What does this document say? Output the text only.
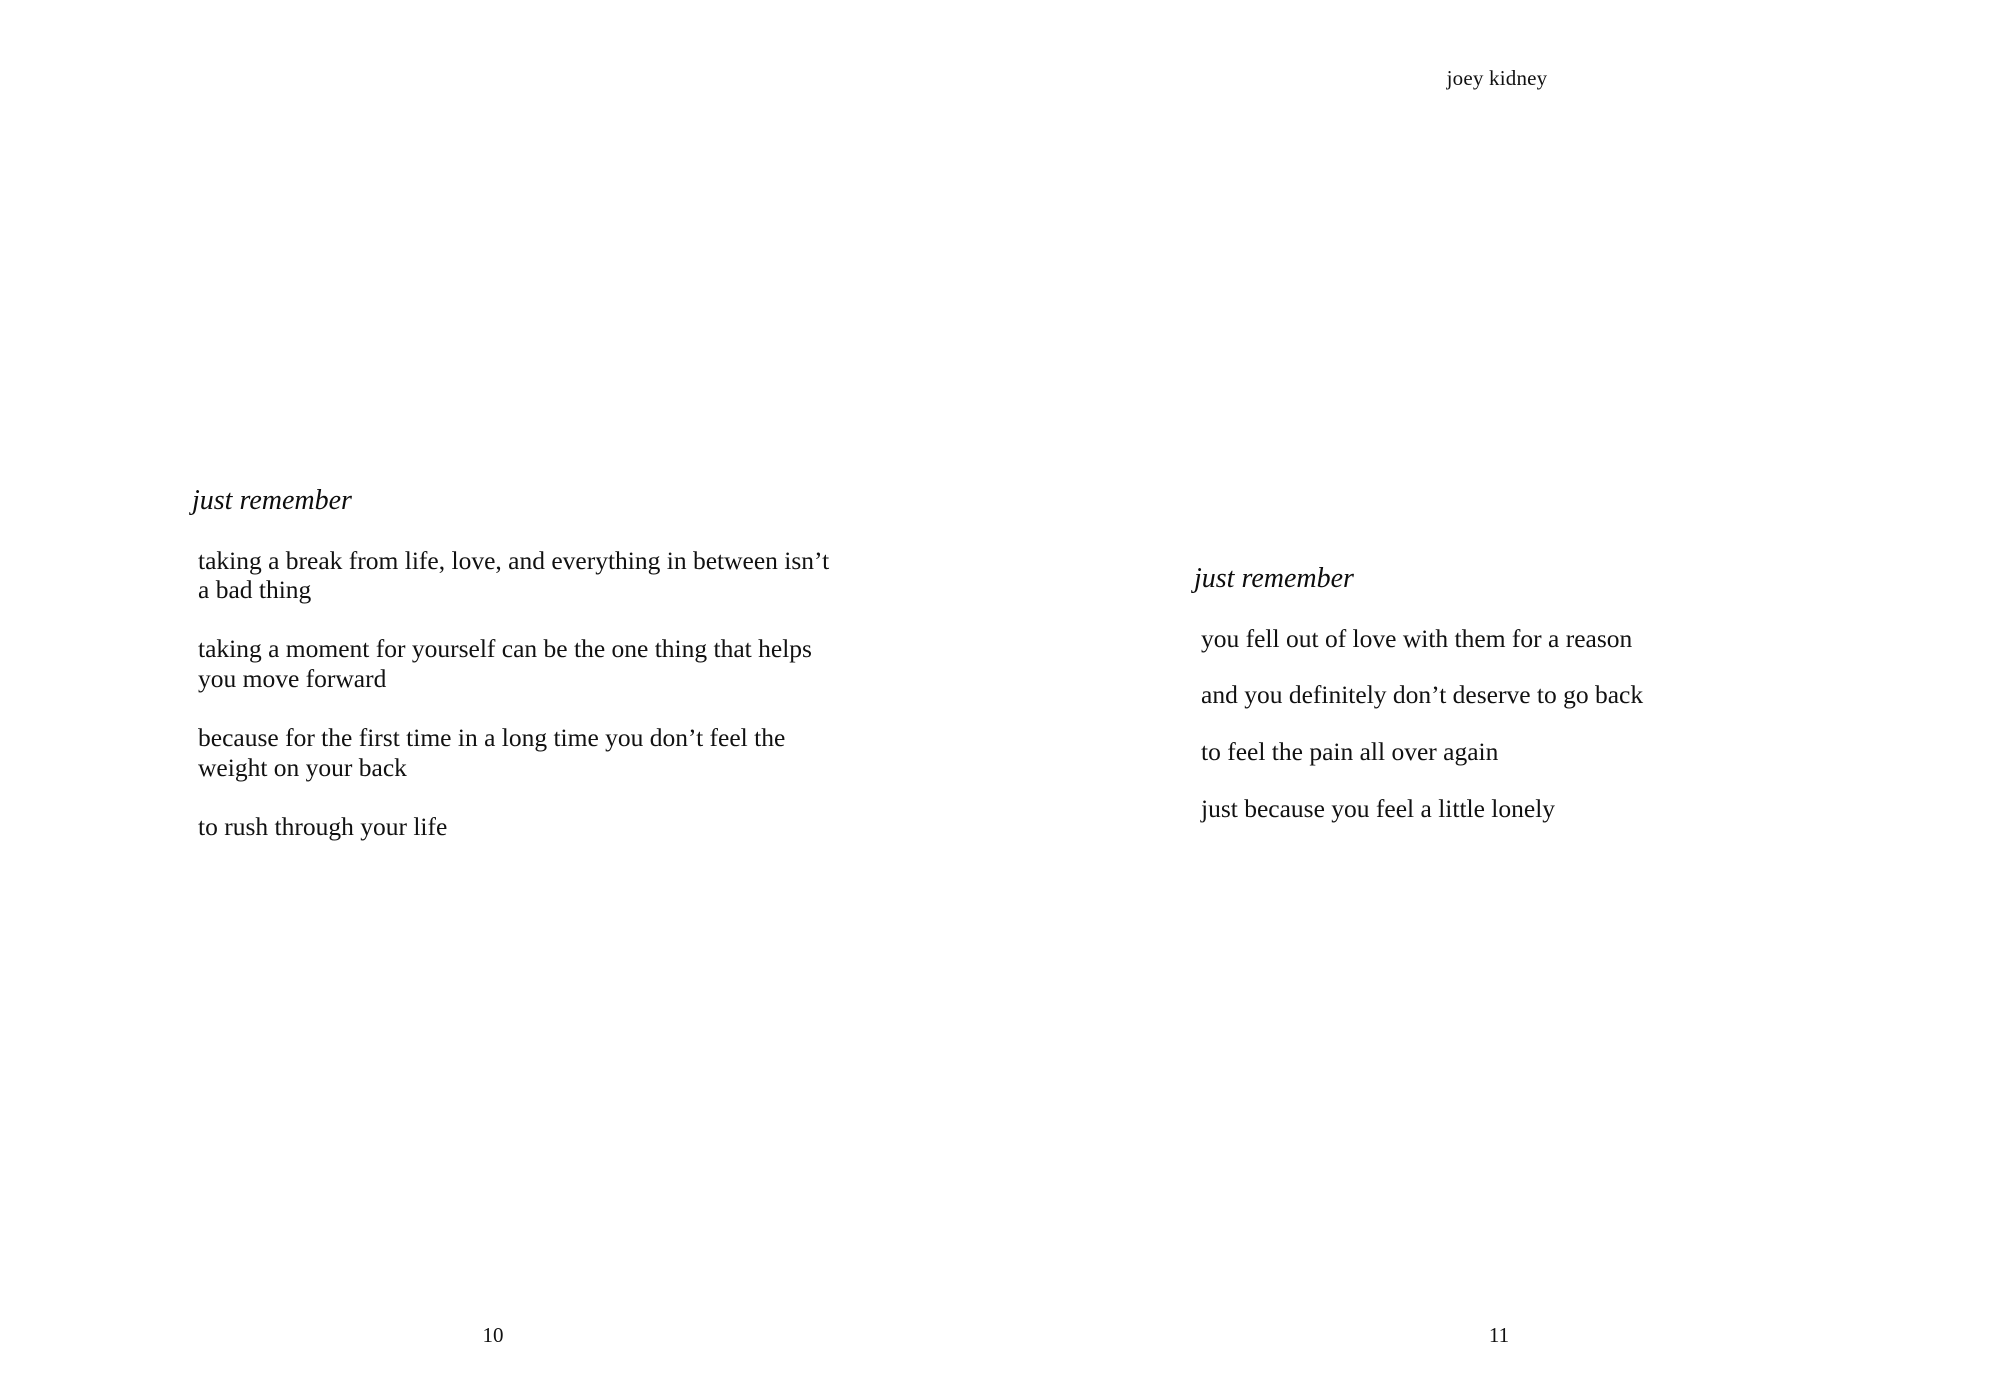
just remember

taking a break from life, love, and everything in between isn’t a bad thing

taking a moment for yourself can be the one thing that helps you move forward

because for the first time in a long time you don’t feel the weight on your back

to rush through your life

10
joey kidney
just remember

you fell out of love with them for a reason

and you definitely don’t deserve to go back

to feel the pain all over again

just because you feel a little lonely

11
